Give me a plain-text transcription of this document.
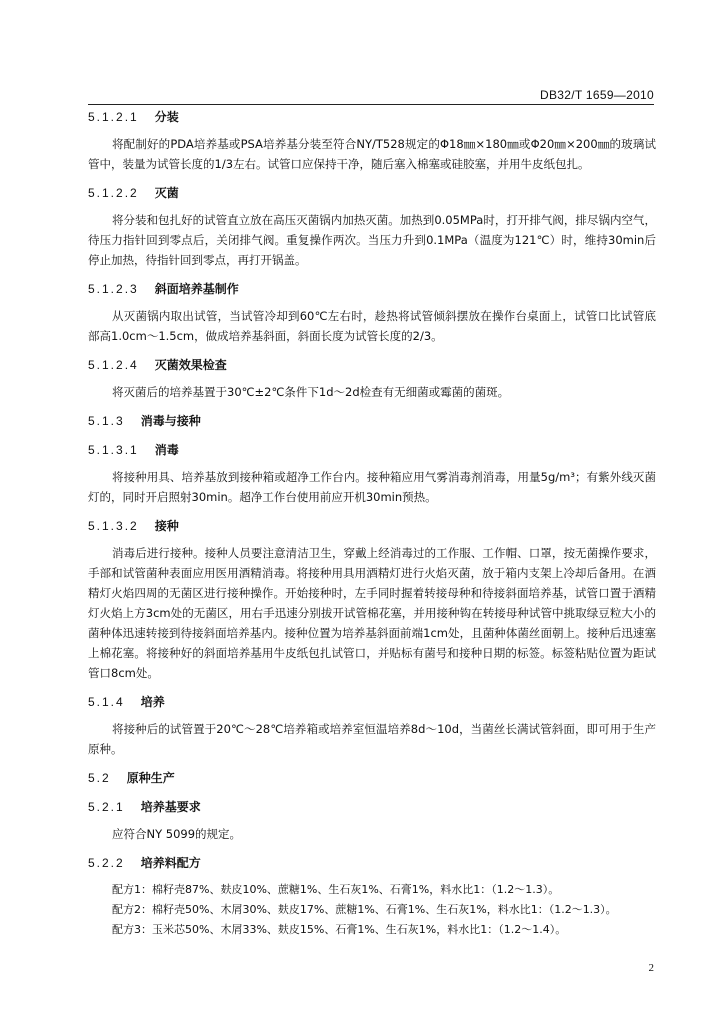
DB32/T 1659—2010
5.1.2.1 分装

将配制好的PDA培养基或PSA培养基分装至符合NY/T528规定的Φ18㎜×180㎜或Φ20㎜×200㎜的玻璃试管中，装量为试管长度的1/3左右。试管口应保持干净，随后塞入棉塞或硅胶塞，并用牛皮纸包扎。

5.1.2.2 灭菌

将分装和包扎好的试管直立放在高压灭菌锅内加热灭菌。加热到0.05MPa时，打开排气阀，排尽锅内空气，待压力指针回到零点后，关闭排气阀。重复操作两次。当压力升到0.1MPa（温度为121℃）时，维持30min后停止加热，待指针回到零点，再打开锅盖。

5.1.2.3 斜面培养基制作

从灭菌锅内取出试管，当试管冷却到60℃左右时，趁热将试管倾斜摆放在操作台桌面上，试管口比试管底部高1.0cm～1.5cm，做成培养基斜面，斜面长度为试管长度的2/3。

5.1.2.4 灭菌效果检查

将灭菌后的培养基置于30℃±2℃条件下1d～2d检查有无细菌或霉菌的菌斑。

5.1.3 消毒与接种
5.1.3.1 消毒

将接种用具、培养基放到接种箱或超净工作台内。接种箱应用气雾消毒剂消毒，用量5g/m³；有紫外线灭菌灯的，同时开启照射30min。超净工作台使用前应开机30min预热。

5.1.3.2 接种

消毒后进行接种。接种人员要注意清洁卫生，穿戴上经消毒过的工作服、工作帽、口罩，按无菌操作要求，手部和试管菌种表面应用医用酒精消毒。将接种用具用酒精灯进行火焰灭菌，放于箱内支架上冷却后备用。在酒精灯火焰四周的无菌区进行接种操作。开始接种时，左手同时握着转接母种和待接斜面培养基，试管口置于酒精灯火焰上方3cm处的无菌区，用右手迅速分别拔开试管棉花塞，并用接种钩在转接母种试管中挑取绿豆粒大小的菌种体迅速转接到待接斜面培养基内。接种位置为培养基斜面前端1cm处，且菌种体菌丝面朝上。接种后迅速塞上棉花塞。将接种好的斜面培养基用牛皮纸包扎试管口，并贴标有菌号和接种日期的标签。标签粘贴位置为距试管口8cm处。

5.1.4 培养

将接种后的试管置于20℃～28℃培养箱或培养室恒温培养8d～10d，当菌丝长满试管斜面，即可用于生产原种。

5.2 原种生产
5.2.1 培养基要求

应符合NY 5099的规定。

5.2.2 培养料配方

配方1：棉籽壳87%、麸皮10%、蔗糖1%、生石灰1%、石膏1%，料水比1：（1.2～1.3）。

配方2：棉籽壳50%、木屑30%、麸皮17%、蔗糖1%、石膏1%、生石灰1%，料水比1：（1.2～1.3）。

配方3：玉米芯50%、木屑33%、麸皮15%、石膏1%、生石灰1%，料水比1：（1.2～1.4）。

2
